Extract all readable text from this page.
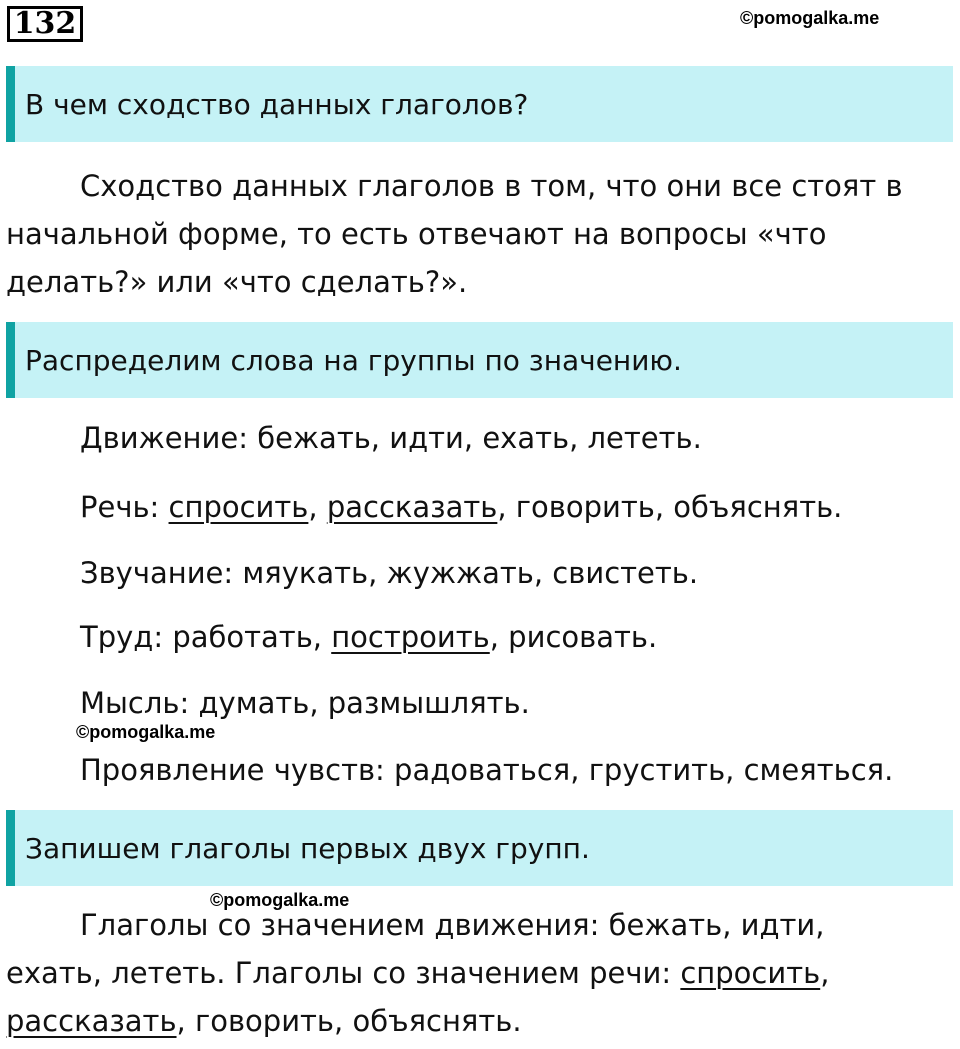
132	©pomogalka.me
В чем сходство данных глаголов?
Сходство данных глаголов в том, что они все стоят в
начальной форме, то есть отвечают на вопросы «что
делать?» или «что сделать?».
Распределим слова на группы по значению.
Движение: бежать, идти, ехать, лететь.
Речь: спросить, рассказать, говорить, объяснять.
Звучание: мяукать, жужжать, свистеть.
Труд: работать, построить, рисовать.
Мысль: думать, размышлять.
©pomogalka.me
Проявление чувств: радоваться, грустить, смеяться.
Запишем глаголы первых двух групп.
©pomogalka.me
Глаголы со значением движения: бежать, идти,
ехать, лететь. Глаголы со значением речи: спросить,
рассказать, говорить, объяснять.
